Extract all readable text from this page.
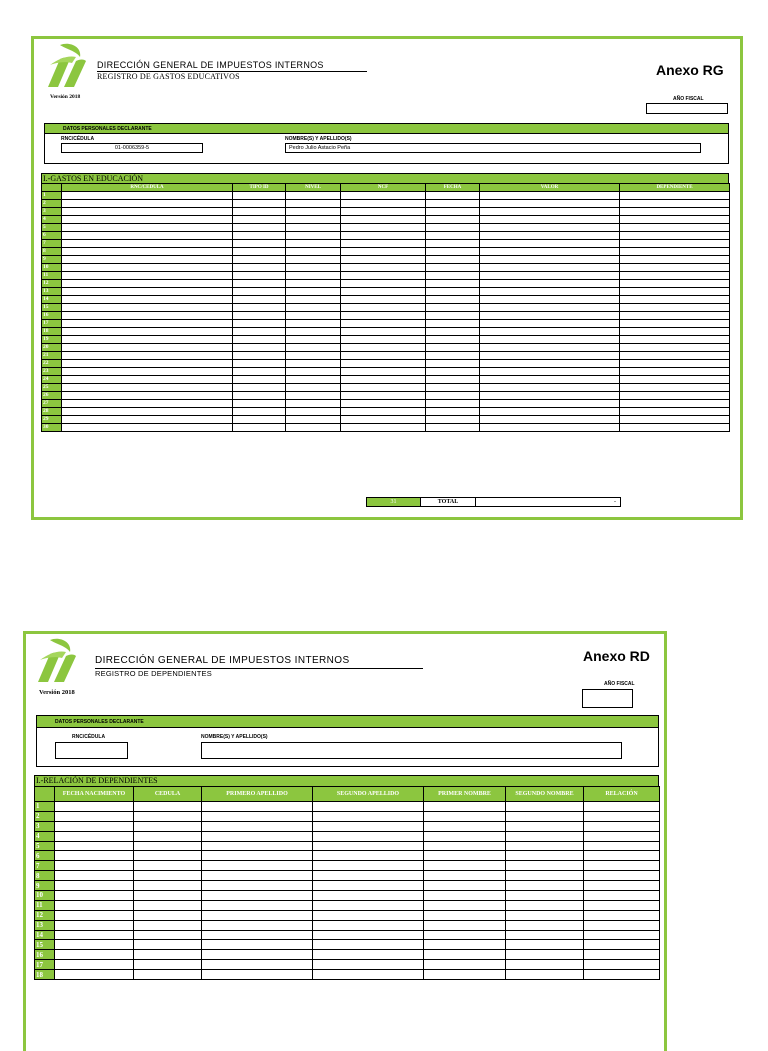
Versión 2018
DIRECCIÓN GENERAL DE IMPUESTOS INTERNOS
REGISTRO DE GASTOS EDUCATIVOS	Anexo RG
AÑO FISCAL
DATOS PERSONALES DECLARANTE
RNC/CÉDULA
01-0006359-5
NOMBRE(S) Y APELLIDO(S)
Pedro Julio Astacio Peña
I.-GASTOS EN EDUCACIÓN
	RNC/CEDULA	TIPO ID	NIVEL	NCF	FECHA	VALOR	DEPENDIENTE
1							
2							
3							
4							
5							
6							
7							
8							
9							
10							
11							
12							
13							
14							
15							
16							
17							
18							
19							
20							
21							
22							
23							
24							
25							
26							
27							
28							
29							
30							
31	TOTAL	-
Versión 2018
DIRECCIÓN GENERAL DE IMPUESTOS INTERNOS
REGISTRO DE DEPENDIENTES
Anexo RD
AÑO FISCAL
DATOS PERSONALES DECLARANTE
RNC/CÉDULA	NOMBRE(S) Y APELLIDO(S)
I.-RELACIÓN DE DEPENDIENTES
	FECHA NACIMIENTO	CEDULA	PRIMERO APELLIDO	SEGUNDO APELLIDO	PRIMER NOMBRE	SEGUNDO NOMBRE	RELACIÓN
1							
2							
3							
4							
5							
6							
7							
8							
9							
10							
11							
12							
13							
14							
15							
16							
17							
18							
